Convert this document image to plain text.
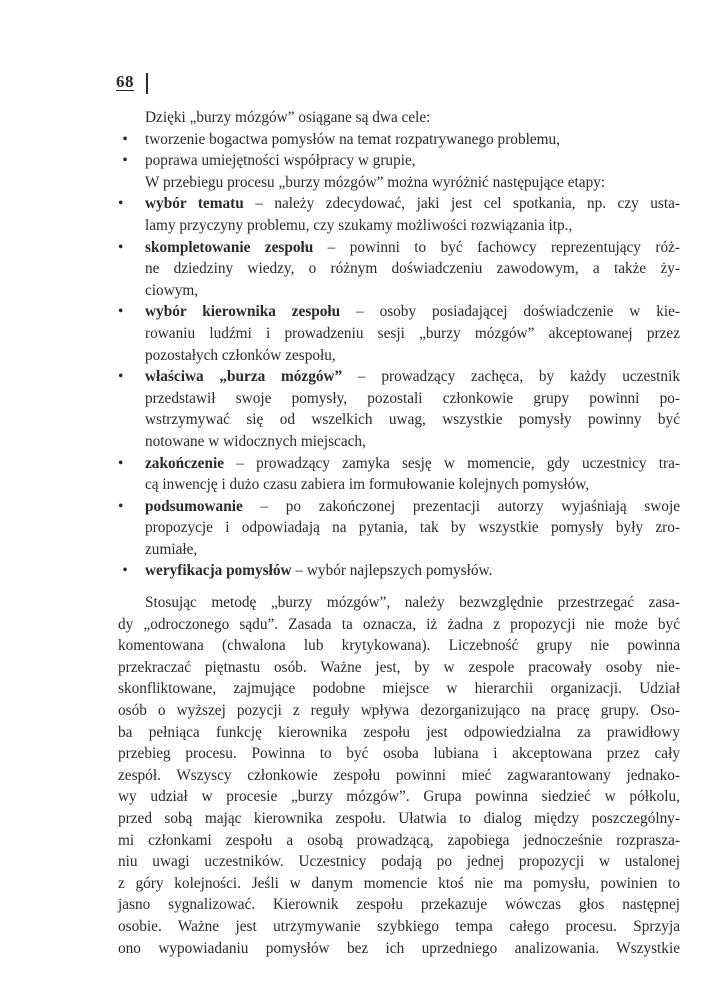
68
Dzięki „burzy mózgów” osiągane są dwa cele:
• tworzenie bogactwa pomysłów na temat rozpatrywanego problemu,
• poprawa umiejętności współpracy w grupie,
W przebiegu procesu „burzy mózgów” można wyróżnić następujące etapy:
•	wybór tematu – należy zdecydować, jaki jest cel spotkania, np. czy usta-
lamy przyczyny problemu, czy szukamy możliwości rozwiązania itp.,
•	skompletowanie zespołu – powinni to być fachowcy reprezentujący róż-
ne dziedziny wiedzy, o różnym doświadczeniu zawodowym, a także ży-
ciowym,
•	wybór kierownika zespołu – osoby posiadającej doświadczenie w kie-
rowaniu ludźmi i prowadzeniu sesji „burzy mózgów” akceptowanej przez
pozostałych członków zespołu,
•	właściwa „burza mózgów” – prowadzący zachęca, by każdy uczestnik
przedstawił swoje pomysły, pozostali członkowie grupy powinni po-
wstrzymywać się od wszelkich uwag, wszystkie pomysły powinny być
notowane w widocznych miejscach,
•	zakończenie – prowadzący zamyka sesję w momencie, gdy uczestnicy tra-
cą inwencję i dużo czasu zabiera im formułowanie kolejnych pomysłów,
•	podsumowanie – po zakończonej prezentacji autorzy wyjaśniają swoje
propozycje i odpowiadają na pytania, tak by wszystkie pomysły były zro-
zumiałe,
• weryfikacja pomysłów – wybór najlepszych pomysłów.
Stosując metodę „burzy mózgów”, należy bezwzględnie przestrzegać zasa-
dy „odroczonego sądu”. Zasada ta oznacza, iż żadna z propozycji nie może być
komentowana (chwalona lub krytykowana). Liczebność grupy nie powinna
przekraczać piętnastu osób. Ważne jest, by w zespole pracowały osoby nie-
skonfliktowane, zajmujące podobne miejsce w hierarchii organizacji. Udział
osób o wyższej pozycji z reguły wpływa dezorganizująco na pracę grupy. Oso-
ba pełniąca funkcję kierownika zespołu jest odpowiedzialna za prawidłowy
przebieg procesu. Powinna to być osoba lubiana i akceptowana przez cały
zespół. Wszyscy członkowie zespołu powinni mieć zagwarantowany jednako-
wy udział w procesie „burzy mózgów”. Grupa powinna siedzieć w półkolu,
przed sobą mając kierownika zespołu. Ułatwia to dialog między poszczególny-
mi członkami zespołu a osobą prowadzącą, zapobiega jednocześnie rozprasza-
niu uwagi uczestników. Uczestnicy podają po jednej propozycji w ustalonej
z góry kolejności. Jeśli w danym momencie ktoś nie ma pomysłu, powinien to
jasno sygnalizować. Kierownik zespołu przekazuje wówczas głos następnej
osobie. Ważne jest utrzymywanie szybkiego tempa całego procesu. Sprzyja
ono wypowiadaniu pomysłów bez ich uprzedniego analizowania. Wszystkie
